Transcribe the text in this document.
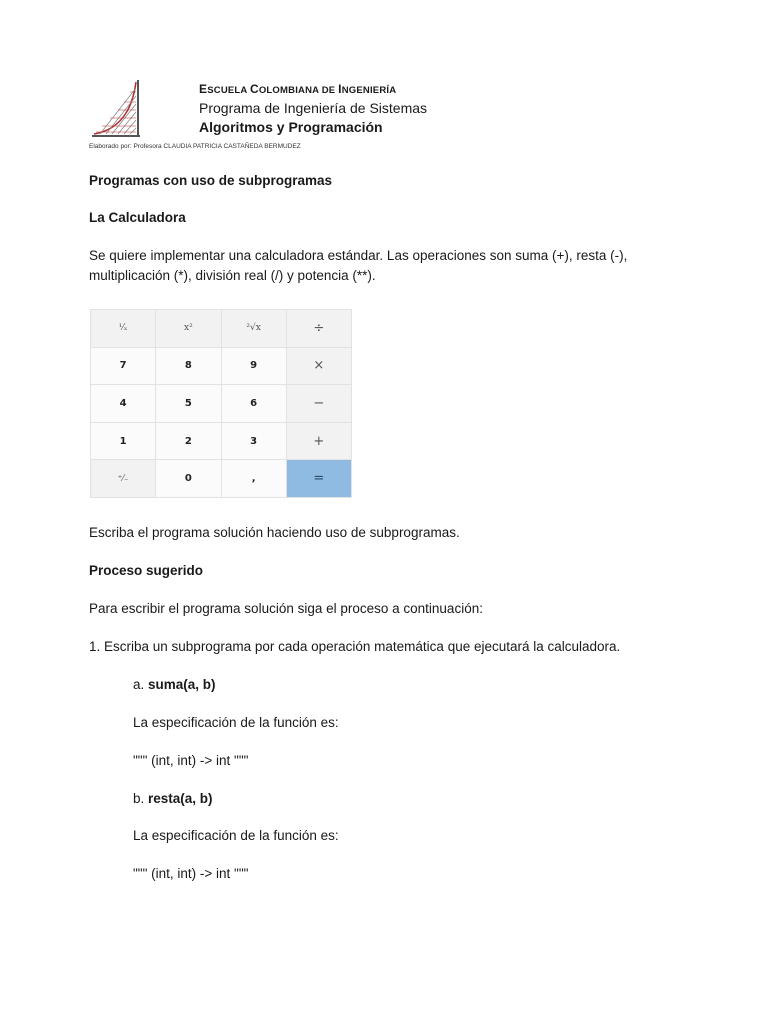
ESCUELA COLOMBIANA DE INGENIERÍA
Programa de Ingeniería de Sistemas
Algoritmos y Programación
Elaborado por: Profesora CLAUDIA PATRICIA CASTAÑEDA BERMUDEZ
Programas con uso de subprogramas
La Calculadora
Se quiere implementar una calculadora estándar. Las operaciones son suma (+), resta (-),
multiplicación (*), división real (/) y potencia (**).
¹⁄ₓ	x²	²√x	÷
7	8	9	×
4	5	6	−
1	2	3	+
⁺⁄₋	0	,	=
Escriba el programa solución haciendo uso de subprogramas.
Proceso sugerido
Para escribir el programa solución siga el proceso a continuación:
1. Escriba un subprograma por cada operación matemática que ejecutará la calculadora.
a. suma(a, b)
La especificación de la función es:
""" (int, int) -> int """
b. resta(a, b)
La especificación de la función es:
""" (int, int) -> int """
